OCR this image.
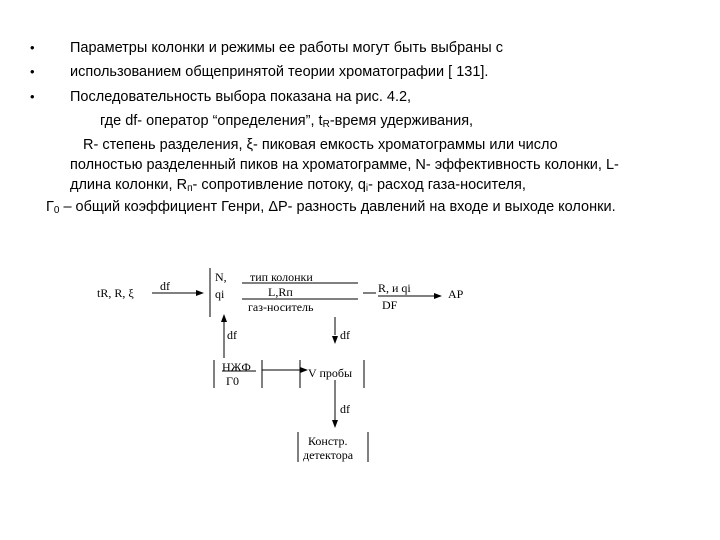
• Параметры колонки и режимы ее работы могут быть выбраны с
• использованием общепринятой теории хроматографии [ 131].
• Последовательность выбора показана на рис. 4.2,
где df- оператор “определения”, $t_R$-время удерживания,
R- степень разделения, ξ- пиковая емкость хроматограммы или число
полностью разделенный пиков на хроматограмме, N- эффективность колонки, L-
длина колонки, $R_п-$ сопротивление потоку, $q_i-$ расход газа-носителя,
$Г_0$ – общий коэффициент Генри, ΔP- разность давлений на входе и выходе колонки.
tR, R, ξ df
N,
qi
тип колонки
L,Rп
газ-носитель
R, и qi
DF
AP
df	df
НЖФ
Г0
V пробы
df
Констр.
детектора
